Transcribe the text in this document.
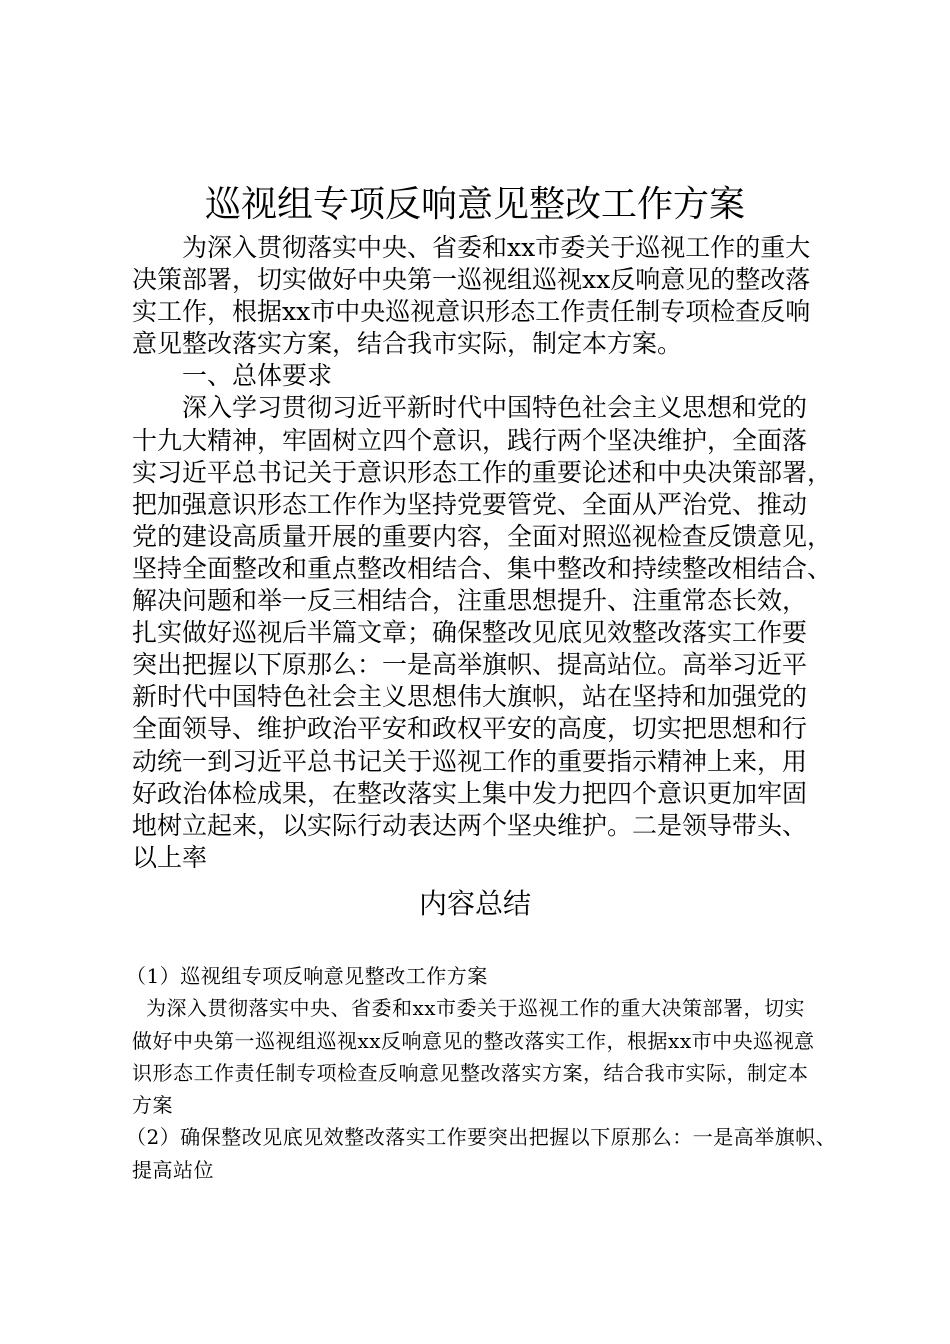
巡视组专项反响意见整改工作方案
为深入贯彻落实中央、省委和xx市委关于巡视工作的重大
决策部署，切实做好中央第一巡视组巡视xx反响意见的整改落
实工作，根据xx市中央巡视意识形态工作责任制专项检查反响
意见整改落实方案，结合我市实际，制定本方案。
一、总体要求
深入学习贯彻习近平新时代中国特色社会主义思想和党的
十九大精神，牢固树立四个意识，践行两个坚决维护，全面落
实习近平总书记关于意识形态工作的重要论述和中央决策部署，
把加强意识形态工作作为坚持党要管党、全面从严治党、推动
党的建设高质量开展的重要内容，全面对照巡视检查反馈意见，
坚持全面整改和重点整改相结合、集中整改和持续整改相结合、
解决问题和举一反三相结合，注重思想提升、注重常态长效，
扎实做好巡视后半篇文章；确保整改见底见效整改落实工作要
突出把握以下原那么：一是高举旗帜、提高站位。高举习近平
新时代中国特色社会主义思想伟大旗帜，站在坚持和加强党的
全面领导、维护政治平安和政权平安的高度，切实把思想和行
动统一到习近平总书记关于巡视工作的重要指示精神上来，用
好政治体检成果，在整改落实上集中发力把四个意识更加牢固
地树立起来，以实际行动表达两个坚央维护。二是领导带头、
以上率
内容总结
（1）巡视组专项反响意见整改工作方案
为深入贯彻落实中央、省委和xx市委关于巡视工作的重大决策部署，切实
做好中央第一巡视组巡视xx反响意见的整改落实工作，根据xx市中央巡视意
识形态工作责任制专项检查反响意见整改落实方案，结合我市实际，制定本
方案
（2）确保整改见底见效整改落实工作要突出把握以下原那么：一是高举旗帜、
提高站位
